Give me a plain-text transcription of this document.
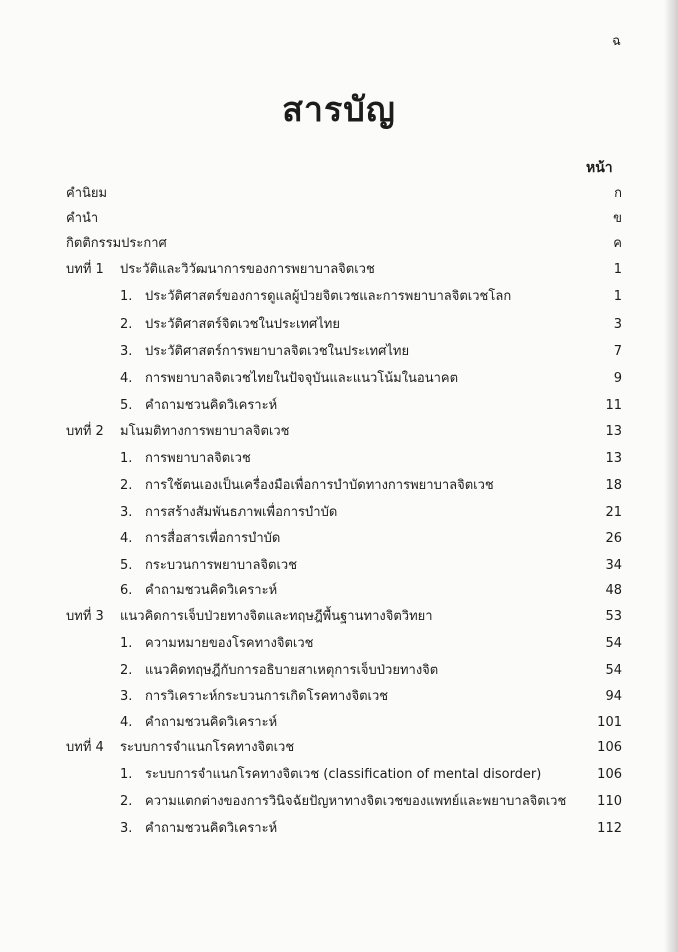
ฉ
สารบัญ
หน้า
คำนิยม	ก
คำนำ	ข
กิตติกรรมประกาศ	ค
บทที่ 1 ประวัติและวิวัฒนาการของการพยาบาลจิตเวช	1
1. ประวัติศาสตร์ของการดูแลผู้ป่วยจิตเวชและการพยาบาลจิตเวชโลก	1
2. ประวัติศาสตร์จิตเวชในประเทศไทย	3
3. ประวัติศาสตร์การพยาบาลจิตเวชในประเทศไทย	7
4. การพยาบาลจิตเวชไทยในปัจจุบันและแนวโน้มในอนาคต	9
5. คำถามชวนคิดวิเคราะห์	11
บทที่ 2 มโนมติทางการพยาบาลจิตเวช	13
1. การพยาบาลจิตเวช	13
2. การใช้ตนเองเป็นเครื่องมือเพื่อการบำบัดทางการพยาบาลจิตเวช	18
3. การสร้างสัมพันธภาพเพื่อการบำบัด	21
4. การสื่อสารเพื่อการบำบัด	26
5. กระบวนการพยาบาลจิตเวช	34
6. คำถามชวนคิดวิเคราะห์	48
บทที่ 3 แนวคิดการเจ็บป่วยทางจิตและทฤษฎีพื้นฐานทางจิตวิทยา	53
1. ความหมายของโรคทางจิตเวช	54
2. แนวคิดทฤษฎีกับการอธิบายสาเหตุการเจ็บป่วยทางจิต	54
3. การวิเคราะห์กระบวนการเกิดโรคทางจิตเวช	94
4. คำถามชวนคิดวิเคราะห์	101
บทที่ 4 ระบบการจำแนกโรคทางจิตเวช	106
1. ระบบการจำแนกโรคทางจิตเวช (classification of mental disorder)	106
2. ความแตกต่างของการวินิจฉัยปัญหาทางจิตเวชของแพทย์และพยาบาลจิตเวช 110
3. คำถามชวนคิดวิเคราะห์	112
